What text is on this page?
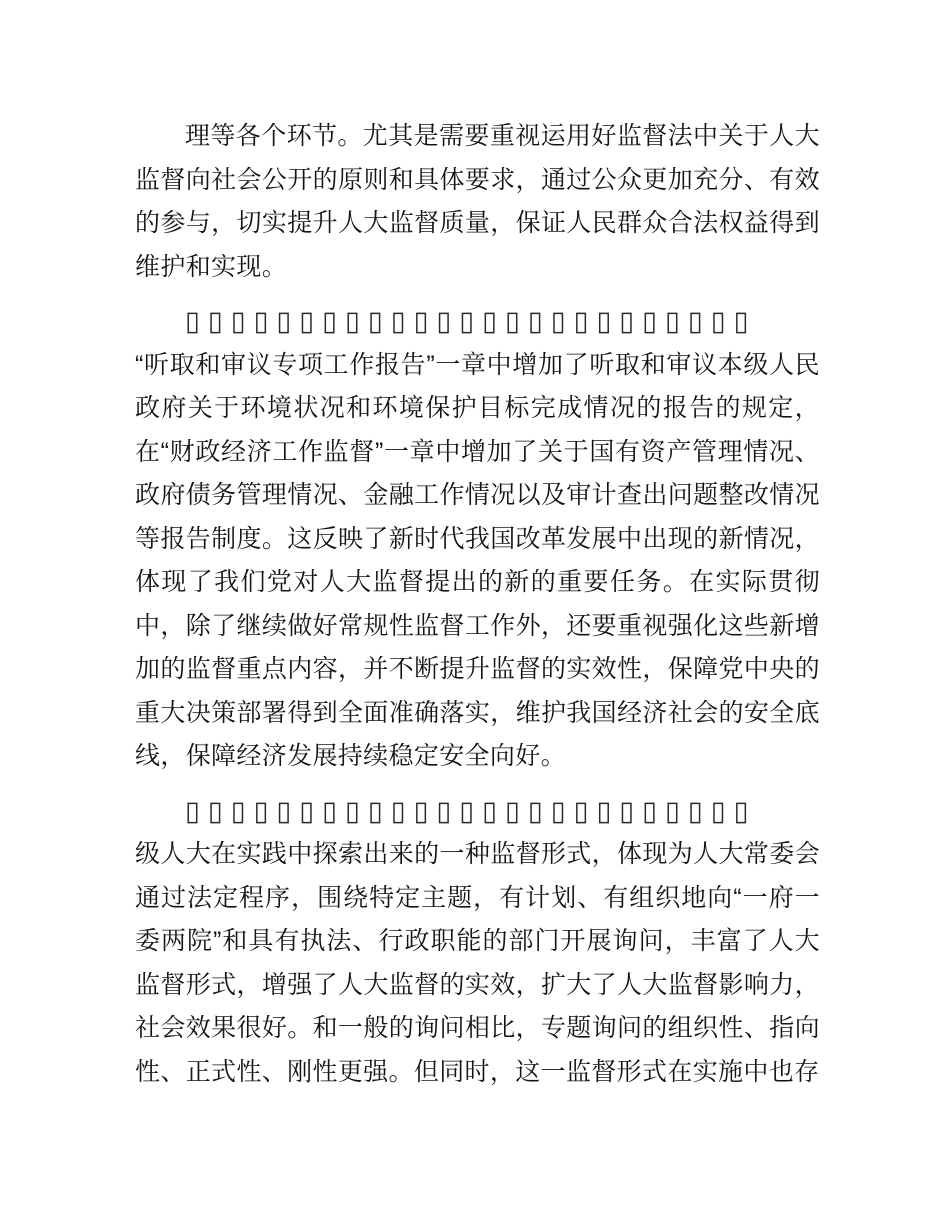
理等各个环节。尤其是需要重视运用好监督法中关于人大监督向社会公开的原则和具体要求，通过公众更加充分、有效的参与，切实提升人大监督质量，保证人民群众合法权益得到维护和实现。
▯▯▯▯▯▯▯▯▯▯▯▯▯▯▯▯▯▯▯▯▯▯▯▯▯
“听取和审议专项工作报告”一章中增加了听取和审议本级人民政府关于环境状况和环境保护目标完成情况的报告的规定，在“财政经济工作监督”一章中增加了关于国有资产管理情况、政府债务管理情况、金融工作情况以及审计查出问题整改情况等报告制度。这反映了新时代我国改革发展中出现的新情况，体现了我们党对人大监督提出的新的重要任务。在实际贯彻中，除了继续做好常规性监督工作外，还要重视强化这些新增加的监督重点内容，并不断提升监督的实效性，保障党中央的重大决策部署得到全面准确落实，维护我国经济社会的安全底线，保障经济发展持续稳定安全向好。
▯▯▯▯▯▯▯▯▯▯▯▯▯▯▯▯▯▯▯▯▯▯▯▯▯
级人大在实践中探索出来的一种监督形式，体现为人大常委会通过法定程序，围绕特定主题，有计划、有组织地向“一府一委两院”和具有执法、行政职能的部门开展询问，丰富了人大监督形式，增强了人大监督的实效，扩大了人大监督影响力，社会效果很好。和一般的询问相比，专题询问的组织性、指向性、正式性、刚性更强。但同时，这一监督形式在实施中也存
